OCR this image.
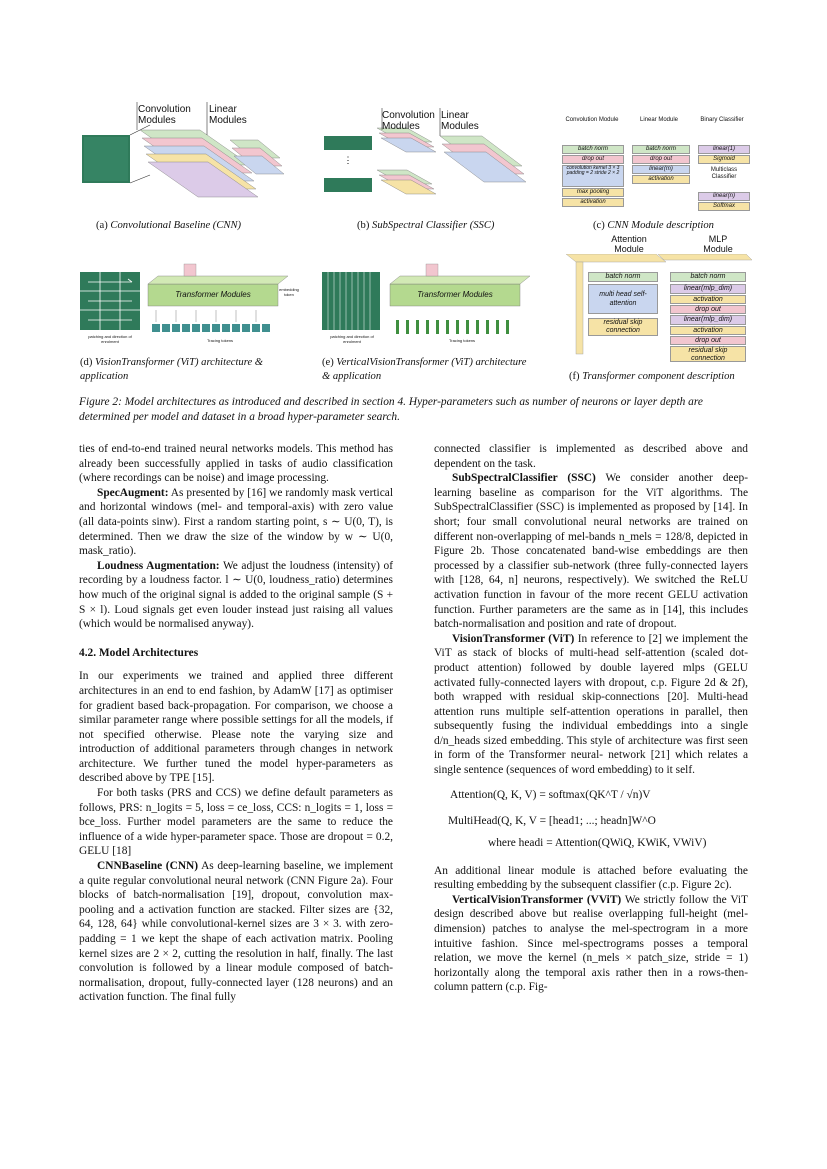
Convolution Modules
Linear Modules
(a) Convolutional Baseline (CNN)
⋮
Convolution Modules
Linear Modules
(b) SubSpectral Classifier (SSC)
Convolution Module	Linear Module	Binary Classifier
batch norm
drop out
convolution kernel 3 × 3 padding = 2 stride 2 × 2
max pooling
activation
batch norm
drop out
linear(m)
activation
linear(1)
Sigmoid
Multiclass Classifier
linear(n)
Softmax
(c) CNN Module description
Transformer Modules
patching and direction of enrolment	Tracing tokens
embedding token
(d) VisionTransformer (ViT) architecture & application
Transformer Modules
patching and direction of enrolment	Tracing tokens
(e) VerticalVisionTransformer (ViT) architecture & application
Attention Module
MLP Module
batch norm
multi head self-attention
residual skip connection
batch norm
linear(mlp_dim)
activation
drop out
linear(mlp_dim)
activation
drop out
residual skip connection
(f) Transformer component description
Figure 2: Model architectures as introduced and described in section 4. Hyper-parameters such as number of neurons or layer depth are determined per model and dataset in a broad hyper-parameter search.

ties of end-to-end trained neural networks models. This method has already been successfully applied in tasks of audio classification (where recordings can be noise) and image processing.

SpecAugment: As presented by [16] we randomly mask vertical and horizontal windows (mel- and temporal-axis) with zero value (all data-points sinw). First a random starting point, s ∼ U(0, T), is determined. Then we draw the size of the window by w ∼ U(0, mask_ratio).

Loudness Augmentation: We adjust the loudness (intensity) of recording by a loudness factor. l ∼ U(0, loudness_ratio) determines how much of the original signal is added to the original sample (S + S × l). Loud signals get even louder instead just raising all values (which would be normalised anyway).

4.2. Model Architectures

In our experiments we trained and applied three different architectures in an end to end fashion, by AdamW [17] as optimiser for gradient based back-propagation. For comparison, we choose a similar parameter range where possible settings for all the models, if not specified otherwise. Please note the varying size and introduction of additional parameters through changes in network architecture. We further tuned the model hyper-parameters as described above by TPE [15].

For both tasks (PRS and CCS) we define default parameters as follows, PRS: n_logits = 5, loss = ce_loss, CCS: n_logits = 1, loss = bce_loss. Further model parameters are the same to reduce the influence of a wide hyper-parameter space. Those are dropout = 0.2, GELU [18]

CNNBaseline (CNN) As deep-learning baseline, we implement a quite regular convolutional neural network (CNN Figure 2a). Four blocks of batch-normalisation [19], dropout, convolution max-pooling and a activation function are stacked. Filter sizes are {32, 64, 128, 64} while convolutional-kernel sizes are 3 × 3. with zero-padding = 1 we kept the shape of each activation matrix. Pooling kernel sizes are 2 × 2, cutting the resolution in half, finally. The last convolution is followed by a linear module composed of batch-normalisation, dropout, fully-connected layer (128 neurons) and an activation function. The final fully

connected classifier is implemented as described above and dependent on the task.

SubSpectralClassifier (SSC) We consider another deep-learning baseline as comparison for the ViT algorithms. The SubSpectralClassifier (SSC) is implemented as proposed by [14]. In short; four small convolutional neural networks are trained on different non-overlapping of mel-bands n_mels = 128/8, depicted in Figure 2b. Those concatenated band-wise embeddings are then processed by a classifier sub-network (three fully-connected layers with [128, 64, n] neurons, respectively). We switched the ReLU activation function in favour of the more recent GELU activation function. Further parameters are the same as in [14], this includes batch-normalisation and position and rate of dropout.

VisionTransformer (ViT) In reference to [2] we implement the ViT as stack of blocks of multi-head self-attention (scaled dot-product attention) followed by double layered mlps (GELU activated fully-connected layers with dropout, c.p. Figure 2d & 2f), both wrapped with residual skip-connections [20]. Multi-head attention runs multiple self-attention operations in parallel, then subsequently fusing the individual embeddings into a single d/n_heads sized embedding. This style of architecture was first seen in form of the Transformer neural- network [21] which relates a single sentence (sequences of word embedding) to it self.

Attention(Q, K, V) = softmax(QK^T / √n)V
MultiHead(Q, K, V = [head1; ...; headn]W^O
where headi = Attention(QWiQ, KWiK, VWiV)

An additional linear module is attached before evaluating the resulting embedding by the subsequent classifier (c.p. Figure 2c).

VerticalVisionTransformer (VViT) We strictly follow the ViT design described above but realise overlapping full-height (mel-dimension) patches to analyse the mel-spectrogram in a more intuitive fashion. Since mel-spectrograms posses a temporal relation, we move the kernel (n_mels × patch_size, stride = 1) horizontally along the temporal axis rather then in a rows-then-column pattern (c.p. Fig-
